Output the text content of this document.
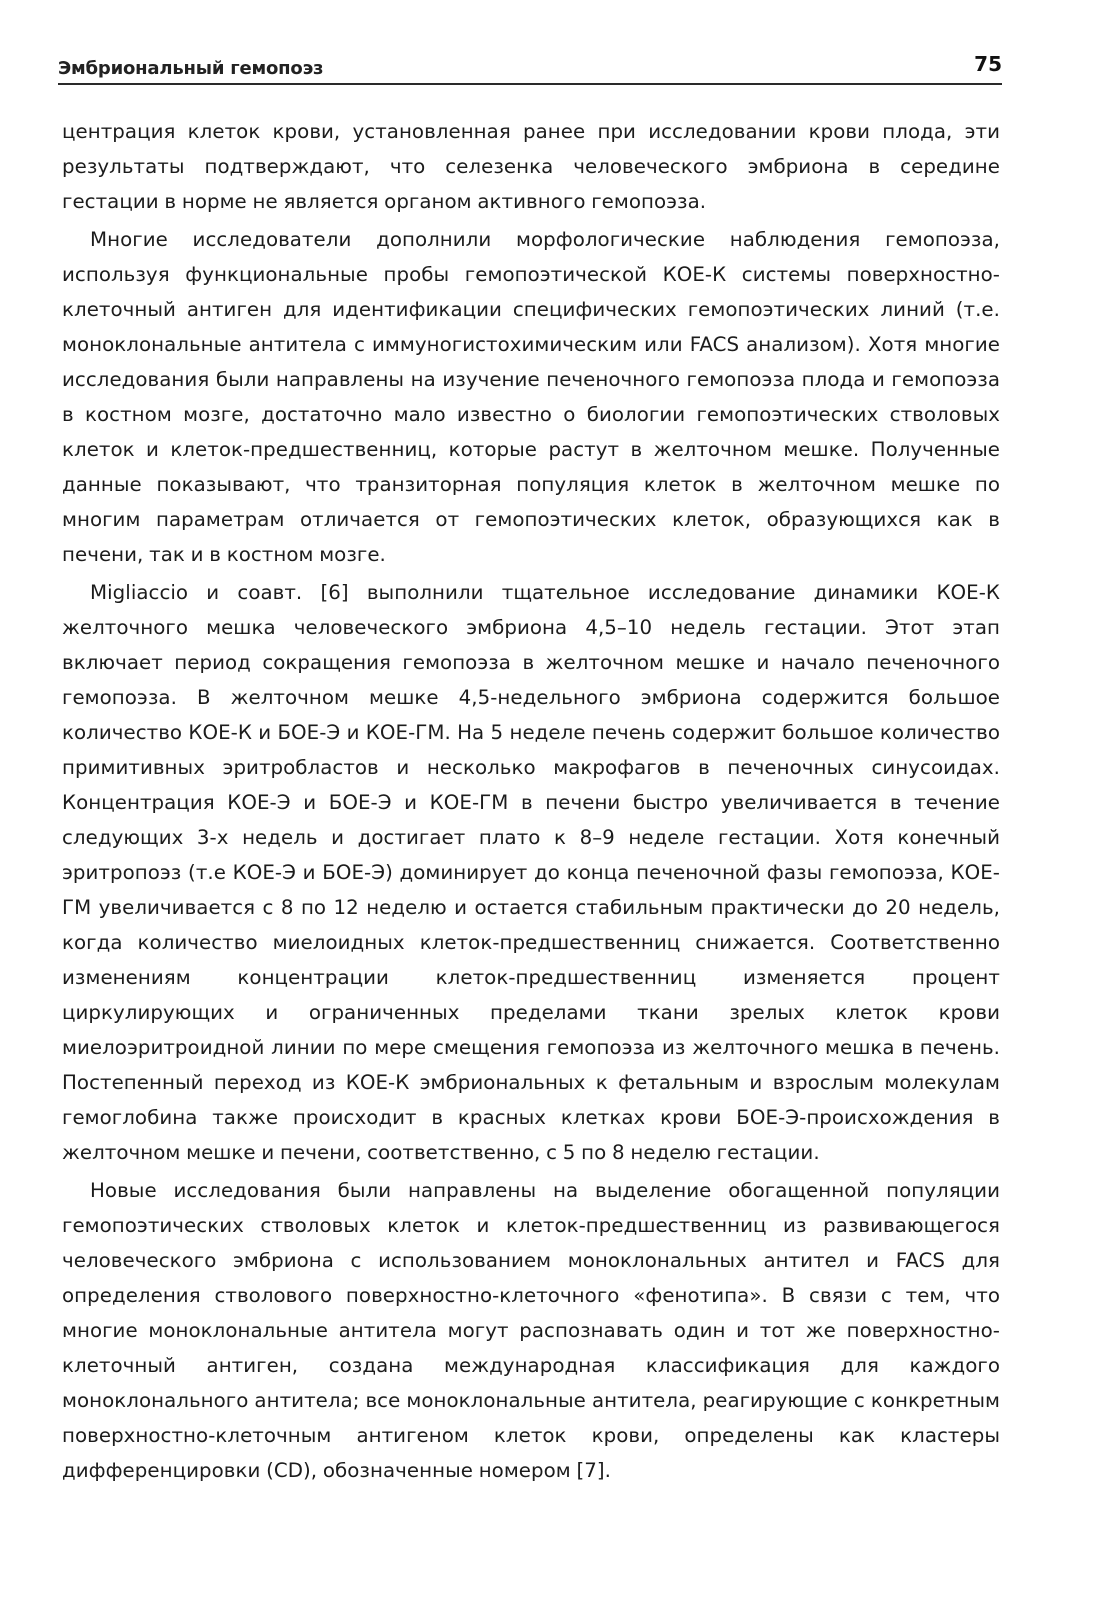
Эмбриональный гемопоэз	75

центрация клеток крови, установленная ранее при исследовании крови плода, эти результаты подтверждают, что селезенка человеческого эмбриона в середине гестации в норме не является органом активного гемопоэза.

Многие исследователи дополнили морфологические наблюдения гемопоэза, используя функциональные пробы гемопоэтической КОЕ-К системы поверхностно-клеточный антиген для идентификации специфических гемопоэтических линий (т.е. моноклональные антитела с иммуногистохимическим или FACS анализом). Хотя многие исследования были направлены на изучение печеночного гемопоэза плода и гемопоэза в костном мозге, достаточно мало известно о биологии гемопоэтических стволовых клеток и клеток-предшественниц, которые растут в желточном мешке. Полученные данные показывают, что транзиторная популяция клеток в желточном мешке по многим параметрам отличается от гемопоэтических клеток, образующихся как в печени, так и в костном мозге.

Migliaccio и соавт. [6] выполнили тщательное исследование динамики КОЕ-К желточного мешка человеческого эмбриона 4,5–10 недель гестации. Этот этап включает период сокращения гемопоэза в желточном мешке и начало печеночного гемопоэза. В желточном мешке 4,5-недельного эмбриона содержится большое количество КОЕ-К и БОЕ-Э и КОЕ-ГМ. На 5 неделе печень содержит большое количество примитивных эритробластов и несколько макрофагов в печеночных синусоидах. Концентрация КОЕ-Э и БОЕ-Э и КОЕ-ГМ в печени быстро увеличивается в течение следующих 3-х недель и достигает плато к 8–9 неделе гестации. Хотя конечный эритропоэз (т.е КОЕ-Э и БОЕ-Э) доминирует до конца печеночной фазы гемопоэза, КОЕ-ГМ увеличивается с 8 по 12 неделю и остается стабильным практически до 20 недель, когда количество миелоидных клеток-предшественниц снижается. Соответственно изменениям концентрации клеток-предшественниц изменяется процент циркулирующих и ограниченных пределами ткани зрелых клеток крови миелоэритроидной линии по мере смещения гемопоэза из желточного мешка в печень. Постепенный переход из КОЕ-К эмбриональных к фетальным и взрослым молекулам гемоглобина также происходит в красных клетках крови БОЕ-Э-происхождения в желточном мешке и печени, соответственно, с 5 по 8 неделю гестации.

Новые исследования были направлены на выделение обогащенной популяции гемопоэтических стволовых клеток и клеток-предшественниц из развивающегося человеческого эмбриона с использованием моноклональных антител и FACS для определения стволового поверхностно-клеточного «фенотипа». В связи с тем, что многие моноклональные антитела могут распознавать один и тот же поверхностно-клеточный антиген, создана международная классификация для каждого моноклонального антитела; все моноклональные антитела, реагирующие с конкретным поверхностно-клеточным антигеном клеток крови, определены как кластеры дифференцировки (CD), обозначенные номером [7].
